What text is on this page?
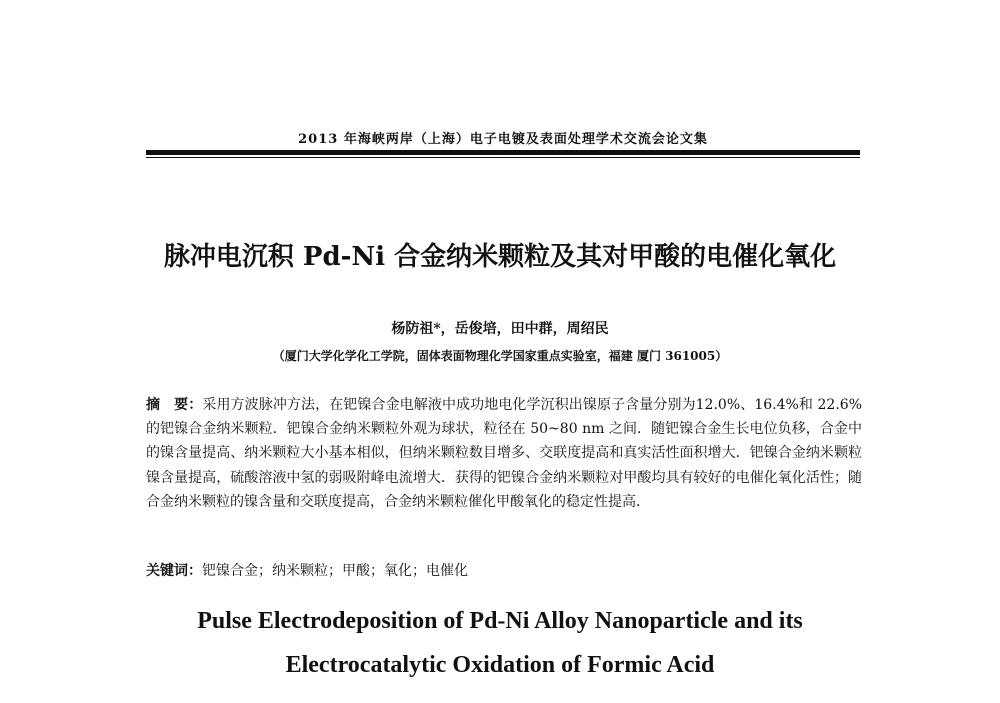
2013 年海峡两岸（上海）电子电镀及表面处理学术交流会论文集
脉冲电沉积 Pd-Ni 合金纳米颗粒及其对甲酸的电催化氧化
杨防祖*，岳俊培，田中群，周绍民
（厦门大学化学化工学院，固体表面物理化学国家重点实验室，福建 厦门 361005）
摘　要：采用方波脉冲方法，在钯镍合金电解液中成功地电化学沉积出镍原子含量分别为12.0%、16.4%和 22.6%的钯镍合金纳米颗粒．钯镍合金纳米颗粒外观为球状，粒径在 50~80 nm 之间．随钯镍合金生长电位负移，合金中的镍含量提高、纳米颗粒大小基本相似，但纳米颗粒数目增多、交联度提高和真实活性面积增大．钯镍合金纳米颗粒镍含量提高，硫酸溶液中氢的弱吸附峰电流增大．获得的钯镍合金纳米颗粒对甲酸均具有较好的电催化氧化活性；随合金纳米颗粒的镍含量和交联度提高，合金纳米颗粒催化甲酸氧化的稳定性提高．
关键词：钯镍合金；纳米颗粒；甲酸；氧化；电催化
Pulse Electrodeposition of Pd-Ni Alloy Nanoparticle and its
Electrocatalytic Oxidation of Formic Acid
